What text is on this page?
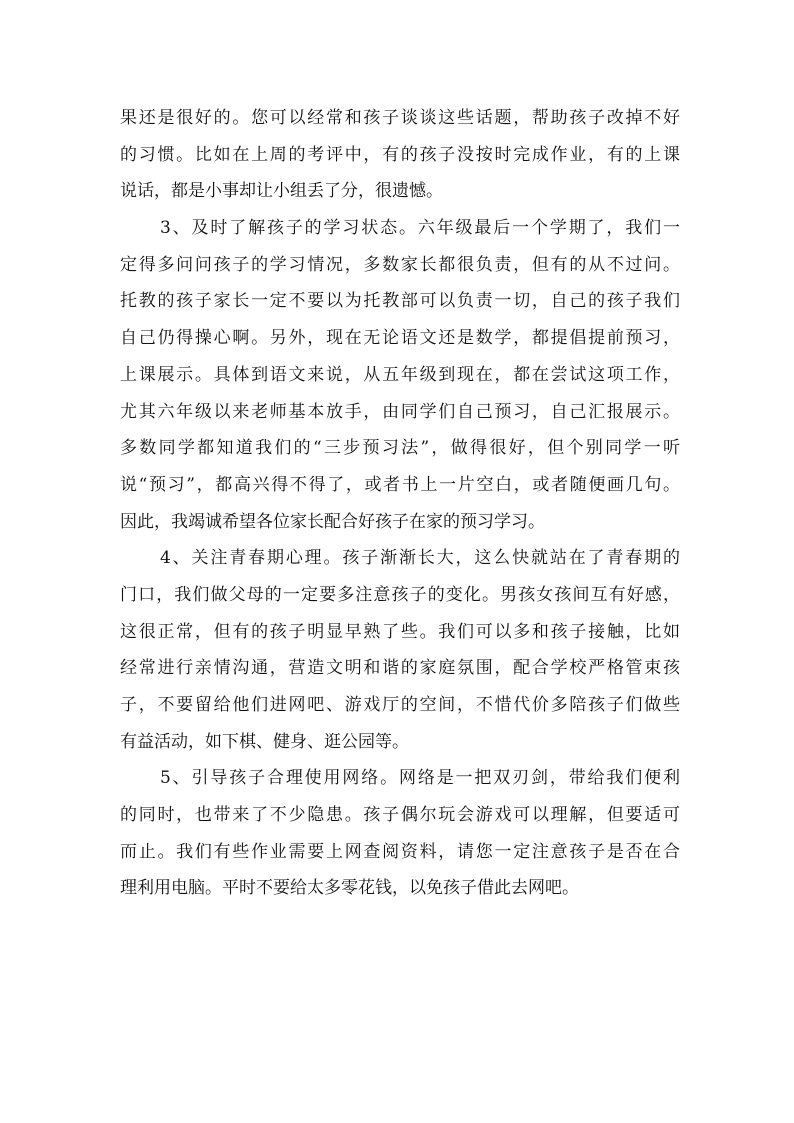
果还是很好的。您可以经常和孩子谈谈这些话题，帮助孩子改掉不好
的习惯。比如在上周的考评中，有的孩子没按时完成作业，有的上课
说话，都是小事却让小组丢了分，很遗憾。
3、及时了解孩子的学习状态。六年级最后一个学期了，我们一
定得多问问孩子的学习情况，多数家长都很负责，但有的从不过问。
托教的孩子家长一定不要以为托教部可以负责一切，自己的孩子我们
自己仍得操心啊。另外，现在无论语文还是数学，都提倡提前预习，
上课展示。具体到语文来说，从五年级到现在，都在尝试这项工作，
尤其六年级以来老师基本放手，由同学们自己预习，自己汇报展示。
多数同学都知道我们的“三步预习法”，做得很好，但个别同学一听
说“预习”，都高兴得不得了，或者书上一片空白，或者随便画几句。
因此，我竭诚希望各位家长配合好孩子在家的预习学习。
4、关注青春期心理。孩子渐渐长大，这么快就站在了青春期的
门口，我们做父母的一定要多注意孩子的变化。男孩女孩间互有好感，
这很正常，但有的孩子明显早熟了些。我们可以多和孩子接触，比如
经常进行亲情沟通，营造文明和谐的家庭氛围，配合学校严格管束孩
子，不要留给他们进网吧、游戏厅的空间，不惜代价多陪孩子们做些
有益活动，如下棋、健身、逛公园等。
5、引导孩子合理使用网络。网络是一把双刃剑，带给我们便利
的同时，也带来了不少隐患。孩子偶尔玩会游戏可以理解，但要适可
而止。我们有些作业需要上网查阅资料，请您一定注意孩子是否在合
理利用电脑。平时不要给太多零花钱，以免孩子借此去网吧。
